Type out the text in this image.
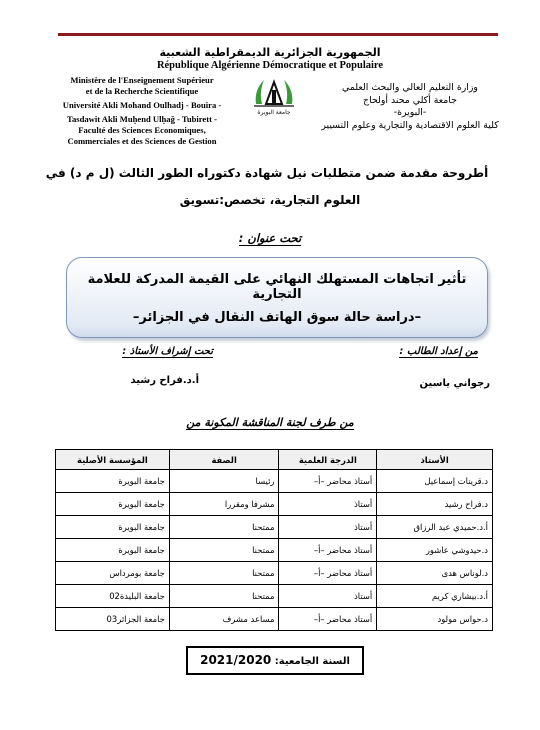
الجمهورية الجزائرية الديمقراطية الشعبية
République Algérienne Démocratique et Populaire
Ministère de l'Enseignement Supérieur
et de la Recherche Scientifique
Université Akli Mohand Oulhadj - Bouira -
Tasdawit Akli Muḥend Ulḥağ - Tubirett -
Faculté des Sciences Economiques,
Commerciales et des Sciences de Gestion
جامعة البويرة
وزارة التعليم العالي والبحث العلمي
جامعة أكلي محند أولحاج
-البويرة-
كلية العلوم الاقتصادية والتجارية وعلوم التسيير
أطروحة مقدمة ضمن متطلبات نيل شهادة دكتوراه الطور الثالث (ل م د) في
العلوم التجارية، تخصص:تسويق
تحت عنوان :
تأثير اتجاهات المستهلك النهائي على القيمة المدركة للعلامة التجارية
–دراسة حالة سوق الهاتف النقال في الجزائر–
من إعداد الطالب :
تحت إشراف الأستاذ :
رجواني ياسين
أ.د.فراح رشيد
من طرف لجنة المناقشة المكونة من
الأستاذ	الدرجة العلمية	الصفة	المؤسسة الأصلية
د.قرينات إسماعيل	أستاذ محاضر –أ–	رئيسا	جامعة البويرة
د.فراح رشيد	أستاذ	مشرفا ومقررا	جامعة البويرة
أ.د.حميدي عبد الرزاق	أستاذ	ممتحنا	جامعة البويرة
د.حيدوشي عاشور	أستاذ محاضر –أ–	ممتحنا	جامعة البويرة
د.لوناس هدى	أستاذ محاضر –أ–	ممتحنا	جامعة بومرداس
أ.د.بيشاري كريم	أستاذ	ممتحنا	جامعة البليدة02
د.حواس مولود	أستاذ محاضر –أ–	مساعد مشرف	جامعة الجزائر03
السنة الجامعية: 2021/2020
